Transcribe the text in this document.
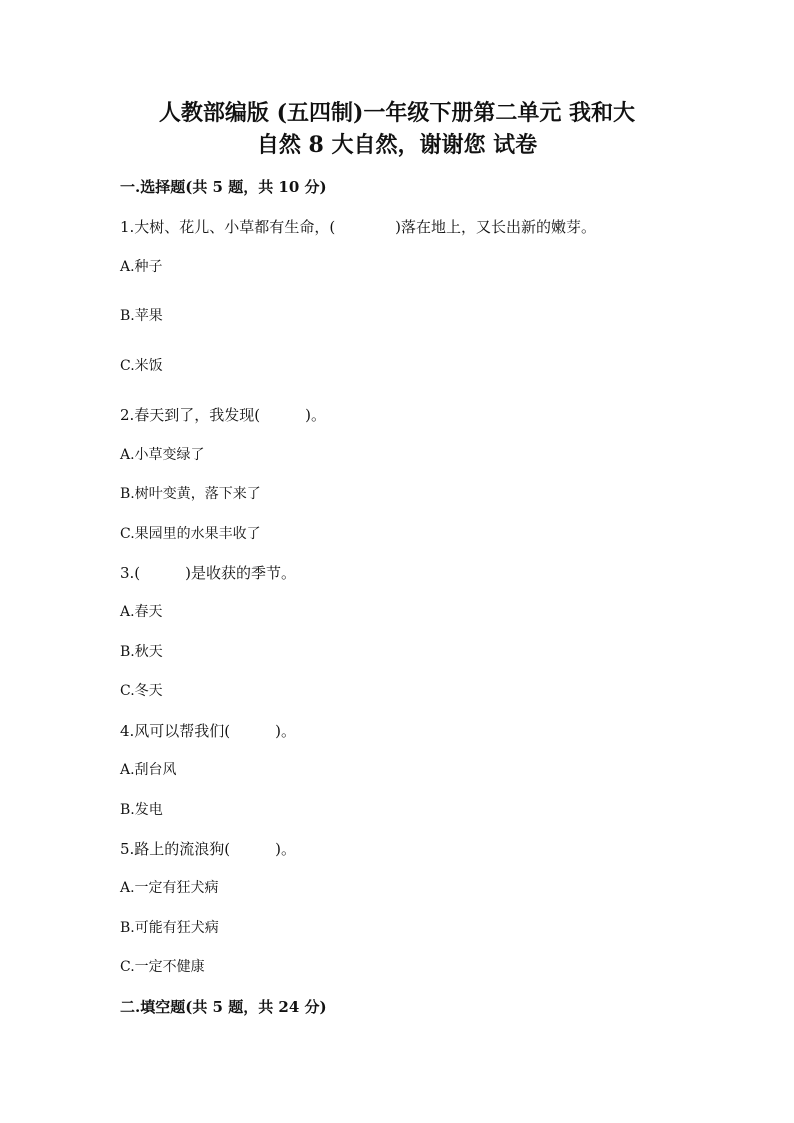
人教部编版 (五四制)一年级下册第二单元 我和大
自然 8 大自然，谢谢您 试卷
一.选择题(共 5 题，共 10 分)
1.大树、花儿、小草都有生命，(　　　　)落在地上，又长出新的嫩芽。
A.种子
B.苹果
C.米饭
2.春天到了，我发现(　　　)。
A.小草变绿了
B.树叶变黄，落下来了
C.果园里的水果丰收了
3.(　　　)是收获的季节。
A.春天
B.秋天
C.冬天
4.风可以帮我们(　　　)。
A.刮台风
B.发电
5.路上的流浪狗(　　　)。
A.一定有狂犬病
B.可能有狂犬病
C.一定不健康
二.填空题(共 5 题，共 24 分)
